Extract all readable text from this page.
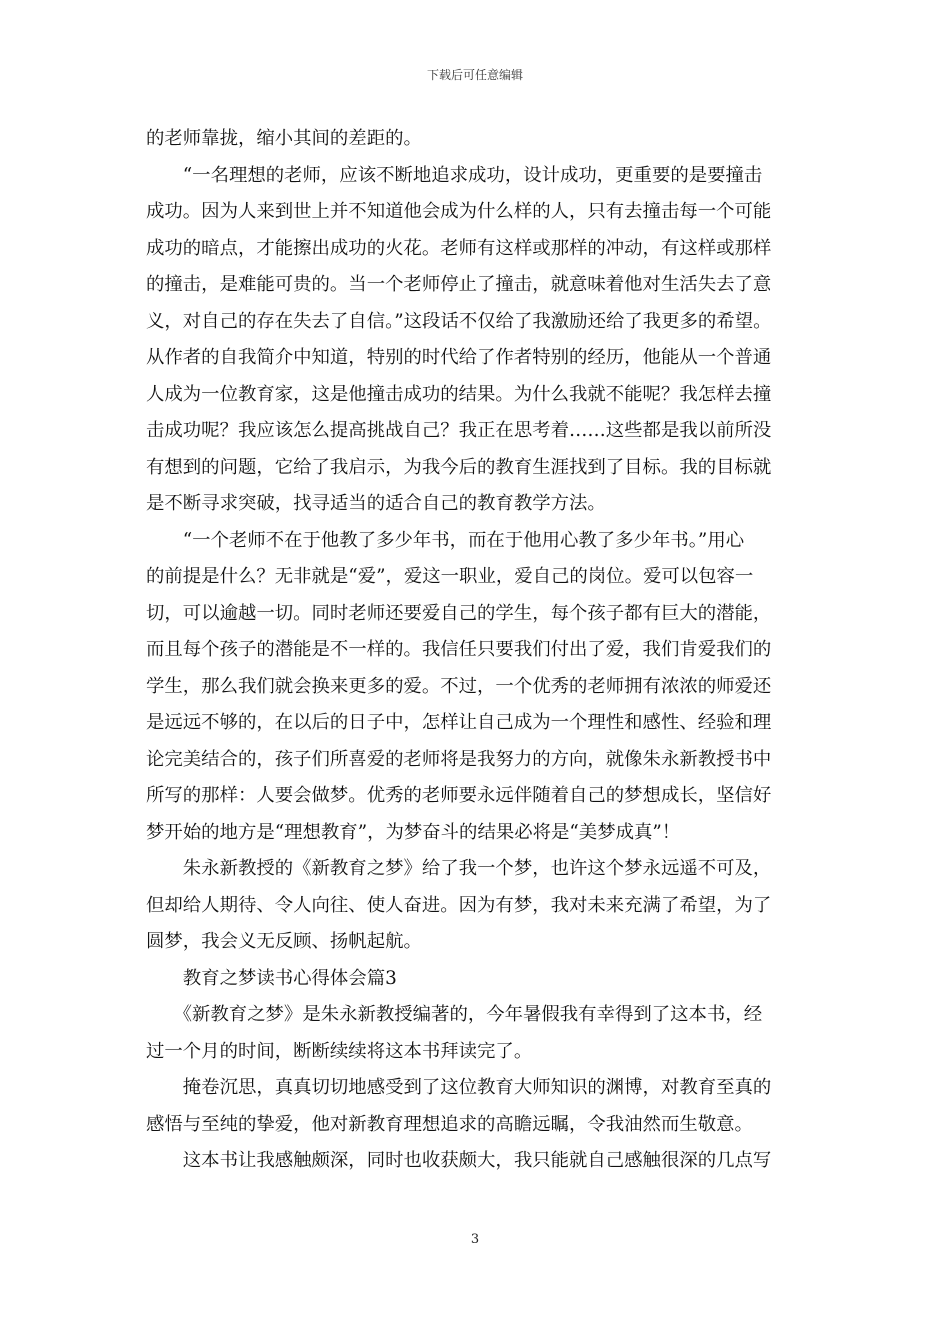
下载后可任意编辑
的老师靠拢，缩小其间的差距的。
　　“一名理想的老师，应该不断地追求成功，设计成功，更重要的是要撞击
成功。因为人来到世上并不知道他会成为什么样的人，只有去撞击每一个可能
成功的暗点，才能擦出成功的火花。老师有这样或那样的冲动，有这样或那样
的撞击，是难能可贵的。当一个老师停止了撞击，就意味着他对生活失去了意
义，对自己的存在失去了自信。”这段话不仅给了我激励还给了我更多的希望。
从作者的自我简介中知道，特别的时代给了作者特别的经历，他能从一个普通
人成为一位教育家，这是他撞击成功的结果。为什么我就不能呢？我怎样去撞
击成功呢？我应该怎么提高挑战自己？我正在思考着……这些都是我以前所没
有想到的问题，它给了我启示，为我今后的教育生涯找到了目标。我的目标就
是不断寻求突破，找寻适当的适合自己的教育教学方法。
　　“一个老师不在于他教了多少年书，而在于他用心教了多少年书。”用心
的前提是什么？无非就是“爱”，爱这一职业，爱自己的岗位。爱可以包容一
切，可以逾越一切。同时老师还要爱自己的学生，每个孩子都有巨大的潜能，
而且每个孩子的潜能是不一样的。我信任只要我们付出了爱，我们肯爱我们的
学生，那么我们就会换来更多的爱。不过，一个优秀的老师拥有浓浓的师爱还
是远远不够的，在以后的日子中，怎样让自己成为一个理性和感性、经验和理
论完美结合的，孩子们所喜爱的老师将是我努力的方向，就像朱永新教授书中
所写的那样：人要会做梦。优秀的老师要永远伴随着自己的梦想成长，坚信好
梦开始的地方是“理想教育”，为梦奋斗的结果必将是“美梦成真”！
　　朱永新教授的《新教育之梦》给了我一个梦，也许这个梦永远遥不可及，
但却给人期待、令人向往、使人奋进。因为有梦，我对未来充满了希望，为了
圆梦，我会义无反顾、扬帆起航。
　　教育之梦读书心得体会篇3
　　《新教育之梦》是朱永新教授编著的，今年暑假我有幸得到了这本书，经
过一个月的时间，断断续续将这本书拜读完了。
　　掩卷沉思，真真切切地感受到了这位教育大师知识的渊博，对教育至真的
感悟与至纯的挚爱，他对新教育理想追求的高瞻远瞩，令我油然而生敬意。
　　这本书让我感触颇深，同时也收获颇大，我只能就自己感触很深的几点写
3
